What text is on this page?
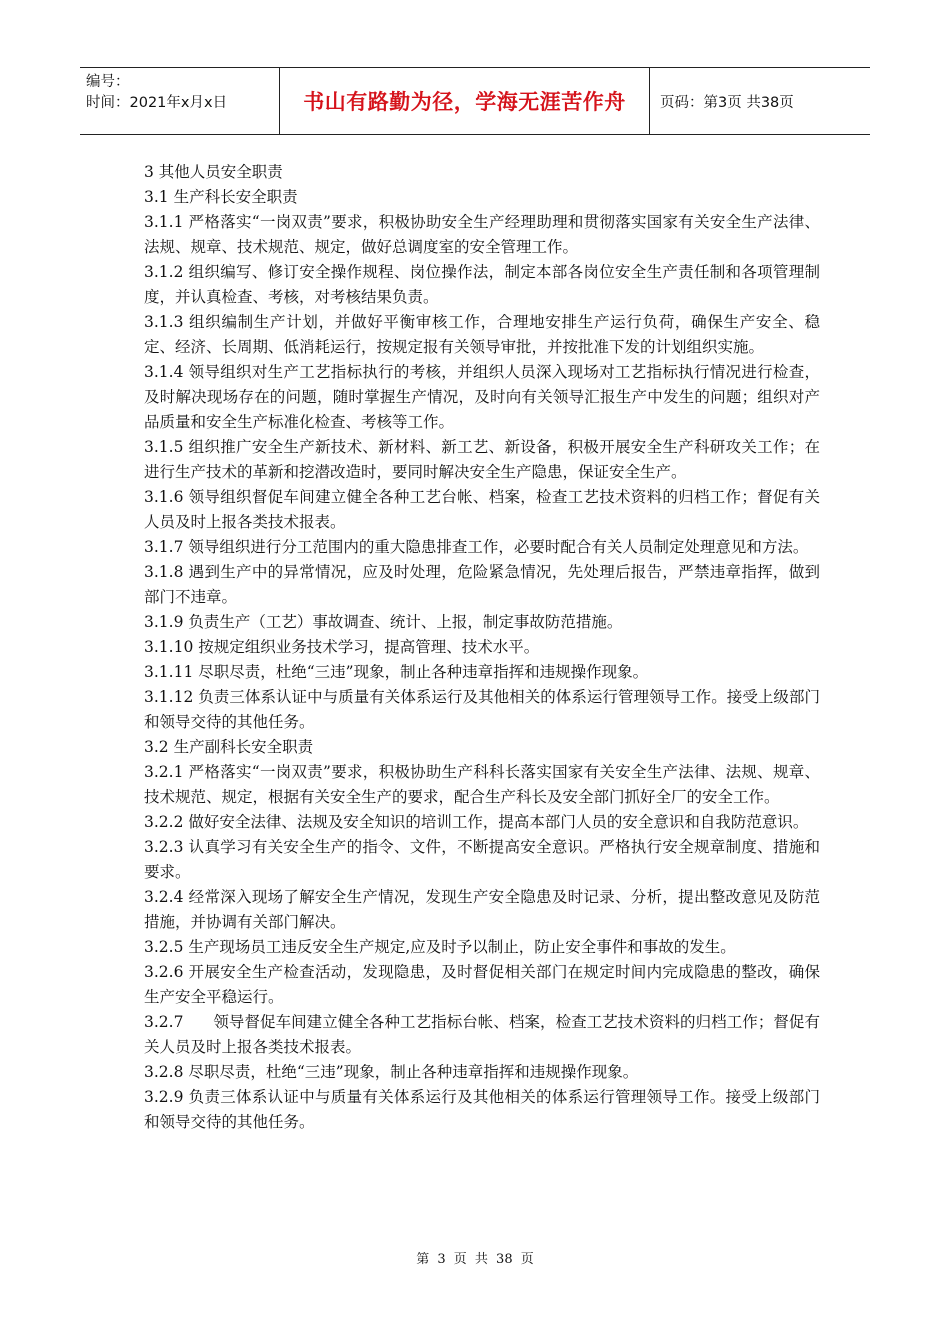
编号：
时间：2021年x月x日	书山有路勤为径，学海无涯苦作舟	页码：第3页 共38页

3 其他人员安全职责

3.1 生产科长安全职责

3.1.1 严格落实“一岗双责”要求，积极协助安全生产经理助理和贯彻落实国家有关安全生产法律、法规、规章、技术规范、规定，做好总调度室的安全管理工作。

3.1.2 组织编写、修订安全操作规程、岗位操作法，制定本部各岗位安全生产责任制和各项管理制度，并认真检查、考核，对考核结果负责。

3.1.3 组织编制生产计划，并做好平衡审核工作，合理地安排生产运行负荷，确保生产安全、稳定、经济、长周期、低消耗运行，按规定报有关领导审批，并按批准下发的计划组织实施。

3.1.4 领导组织对生产工艺指标执行的考核，并组织人员深入现场对工艺指标执行情况进行检查，及时解决现场存在的问题，随时掌握生产情况，及时向有关领导汇报生产中发生的问题；组织对产品质量和安全生产标准化检查、考核等工作。

3.1.5 组织推广安全生产新技术、新材料、新工艺、新设备，积极开展安全生产科研攻关工作；在进行生产技术的革新和挖潜改造时，要同时解决安全生产隐患，保证安全生产。

3.1.6 领导组织督促车间建立健全各种工艺台帐、档案，检查工艺技术资料的归档工作；督促有关人员及时上报各类技术报表。

3.1.7 领导组织进行分工范围内的重大隐患排查工作，必要时配合有关人员制定处理意见和方法。

3.1.8 遇到生产中的异常情况，应及时处理，危险紧急情况，先处理后报告，严禁违章指挥，做到部门不违章。

3.1.9 负责生产（工艺）事故调查、统计、上报，制定事故防范措施。

3.1.10 按规定组织业务技术学习，提高管理、技术水平。

3.1.11 尽职尽责，杜绝“三违”现象，制止各种违章指挥和违规操作现象。

3.1.12 负责三体系认证中与质量有关体系运行及其他相关的体系运行管理领导工作。接受上级部门和领导交待的其他任务。

3.2 生产副科长安全职责

3.2.1 严格落实“一岗双责”要求，积极协助生产科科长落实国家有关安全生产法律、法规、规章、技术规范、规定，根据有关安全生产的要求，配合生产科长及安全部门抓好全厂的安全工作。

3.2.2 做好安全法律、法规及安全知识的培训工作，提高本部门人员的安全意识和自我防范意识。

3.2.3 认真学习有关安全生产的指令、文件，不断提高安全意识。严格执行安全规章制度、措施和要求。

3.2.4 经常深入现场了解安全生产情况，发现生产安全隐患及时记录、分析，提出整改意见及防范措施，并协调有关部门解决。

3.2.5 生产现场员工违反安全生产规定,应及时予以制止，防止安全事件和事故的发生。

3.2.6 开展安全生产检查活动，发现隐患，及时督促相关部门在规定时间内完成隐患的整改，确保生产安全平稳运行。

3.2.7      领导督促车间建立健全各种工艺指标台帐、档案，检查工艺技术资料的归档工作；督促有关人员及时上报各类技术报表。

3.2.8 尽职尽责，杜绝“三违”现象，制止各种违章指挥和违规操作现象。

3.2.9 负责三体系认证中与质量有关体系运行及其他相关的体系运行管理领导工作。接受上级部门和领导交待的其他任务。

第 3 页 共 38 页
